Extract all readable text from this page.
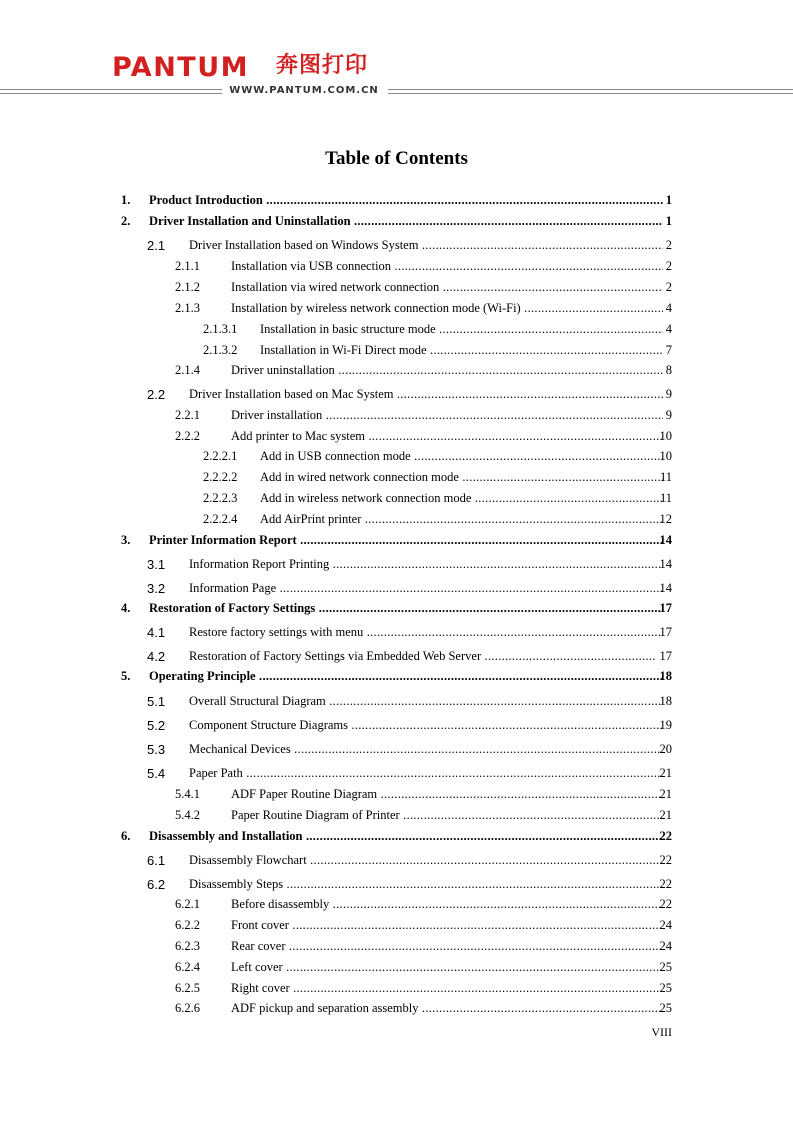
PANTUM 奔图打印
WWW.PANTUM.COM.CN
Table of Contents
1. Product Introduction .....	1
2. Driver Installation and Uninstallation .....	1
2.1 Driver Installation based on Windows System .....	2
2.1.1 Installation via USB connection .....	2
2.1.2 Installation via wired network connection .....	2
2.1.3 Installation by wireless network connection mode (Wi-Fi) .....	4
2.1.3.1 Installation in basic structure mode .....	4
2.1.3.2 Installation in Wi-Fi Direct mode .....	7
2.1.4 Driver uninstallation .....	8
2.2 Driver Installation based on Mac System .....	9
2.2.1 Driver installation .....	9
2.2.2 Add printer to Mac system .....	10
2.2.2.1 Add in USB connection mode .....	10
2.2.2.2 Add in wired network connection mode .....	11
2.2.2.3 Add in wireless network connection mode .....	11
2.2.2.4 Add AirPrint printer .....	12
3. Printer Information Report .....	14
3.1 Information Report Printing .....	14
3.2 Information Page .....	14
4. Restoration of Factory Settings .....	17
4.1 Restore factory settings with menu .....	17
4.2 Restoration of Factory Settings via Embedded Web Server .....	17
5. Operating Principle .....	18
5.1 Overall Structural Diagram .....	18
5.2 Component Structure Diagrams .....	19
5.3 Mechanical Devices .....	20
5.4 Paper Path .....	21
5.4.1 ADF Paper Routine Diagram .....	21
5.4.2 Paper Routine Diagram of Printer .....	21
6. Disassembly and Installation .....	22
6.1 Disassembly Flowchart .....	22
6.2 Disassembly Steps .....	22
6.2.1 Before disassembly .....	22
6.2.2 Front cover .....	24
6.2.3 Rear cover .....	24
6.2.4 Left cover .....	25
6.2.5 Right cover .....	25
6.2.6 ADF pickup and separation assembly .....	25
VIII
